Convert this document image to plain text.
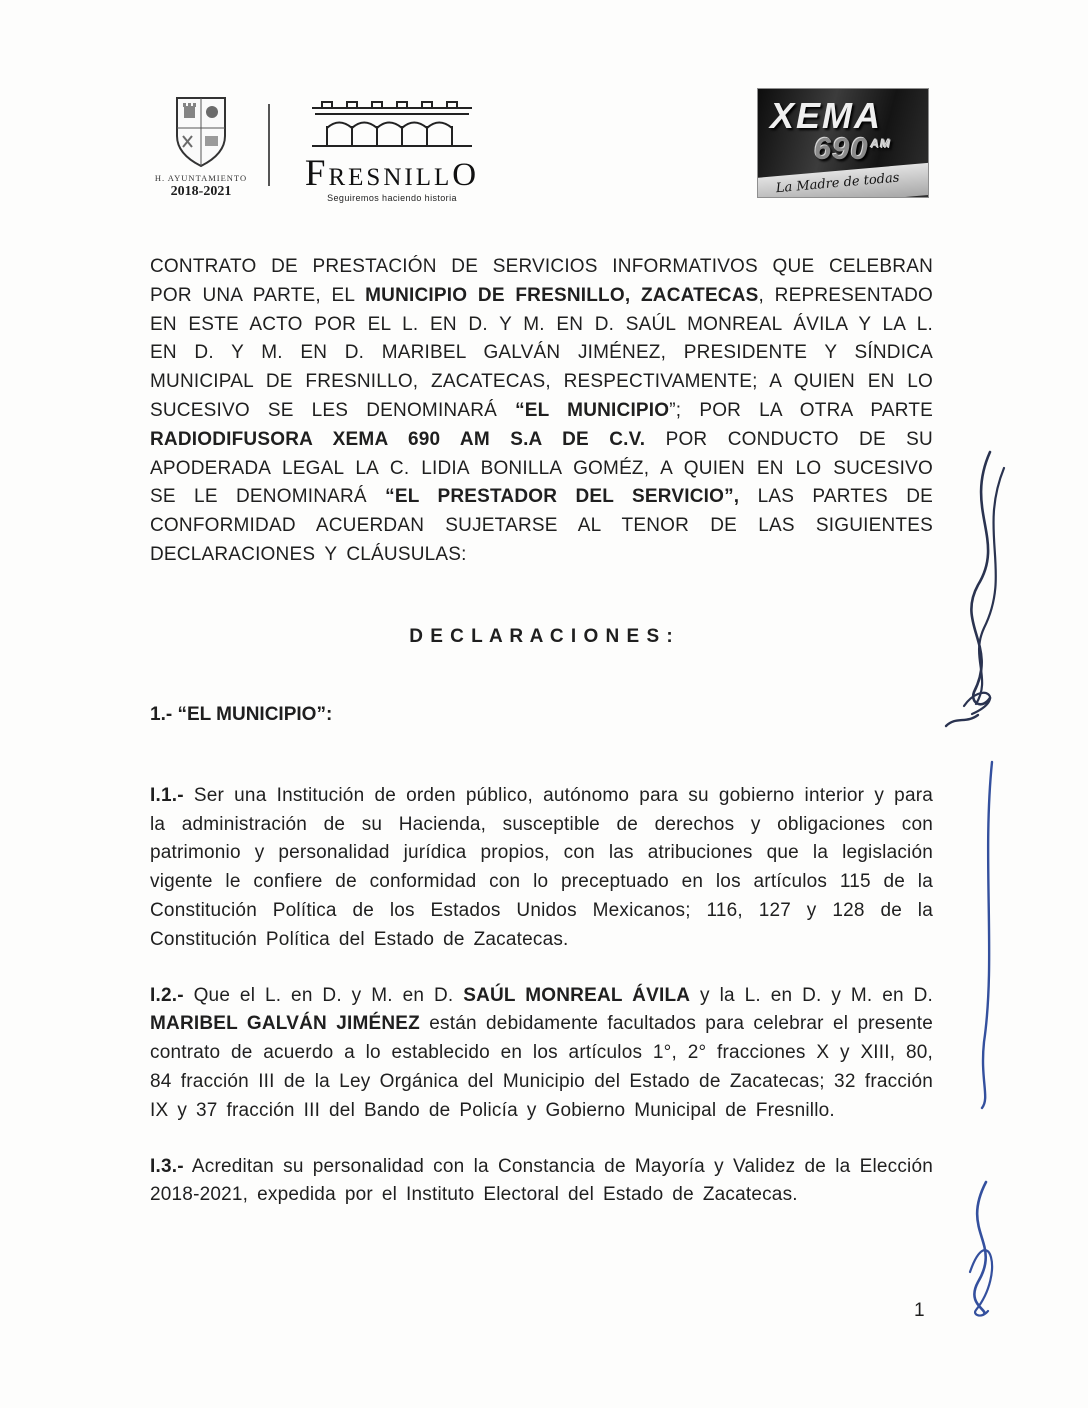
H. AYUNTAMIENTO
2018-2021	FRESNILLO
Seguiremos haciendo historia
XEMA
690 $^{AM}$
La Madre de todas

CONTRATO DE PRESTACIÓN DE SERVICIOS INFORMATIVOS QUE CELEBRAN POR UNA PARTE, EL MUNICIPIO DE FRESNILLO, ZACATECAS, REPRESENTADO EN ESTE ACTO POR EL L. EN D. Y M. EN D. SAÚL MONREAL ÁVILA Y LA L. EN D. Y M. EN D. MARIBEL GALVÁN JIMÉNEZ, PRESIDENTE Y SÍNDICA MUNICIPAL DE FRESNILLO, ZACATECAS, RESPECTIVAMENTE; A QUIEN EN LO SUCESIVO SE LES DENOMINARÁ “EL MUNICIPIO”; POR LA OTRA PARTE RADIODIFUSORA XEMA 690 AM S.A DE C.V. POR CONDUCTO DE SU APODERADA LEGAL LA C. LIDIA BONILLA GOMÉZ, A QUIEN EN LO SUCESIVO SE LE DENOMINARÁ “EL PRESTADOR DEL SERVICIO”, LAS PARTES DE CONFORMIDAD ACUERDAN SUJETARSE AL TENOR DE LAS SIGUIENTES DECLARACIONES Y CLÁUSULAS:

D E C L A R A C I O N E S :
1.- “EL MUNICIPIO”:

I.1.- Ser una Institución de orden público, autónomo para su gobierno interior y para la administración de su Hacienda, susceptible de derechos y obligaciones con patrimonio y personalidad jurídica propios, con las atribuciones que la legislación vigente le confiere de conformidad con lo preceptuado en los artículos 115 de la Constitución Política de los Estados Unidos Mexicanos; 116, 127 y 128 de la Constitución Política del Estado de Zacatecas.

I.2.- Que el L. en D. y M. en D. SAÚL MONREAL ÁVILA y la L. en D. y M. en D. MARIBEL GALVÁN JIMÉNEZ están debidamente facultados para celebrar el presente contrato de acuerdo a lo establecido en los artículos 1°, 2° fracciones X y XIII, 80, 84 fracción III de la Ley Orgánica del Municipio del Estado de Zacatecas; 32 fracción IX y 37 fracción III del Bando de Policía y Gobierno Municipal de Fresnillo.

I.3.- Acreditan su personalidad con la Constancia de Mayoría y Validez de la Elección 2018-2021, expedida por el Instituto Electoral del Estado de Zacatecas.

1
